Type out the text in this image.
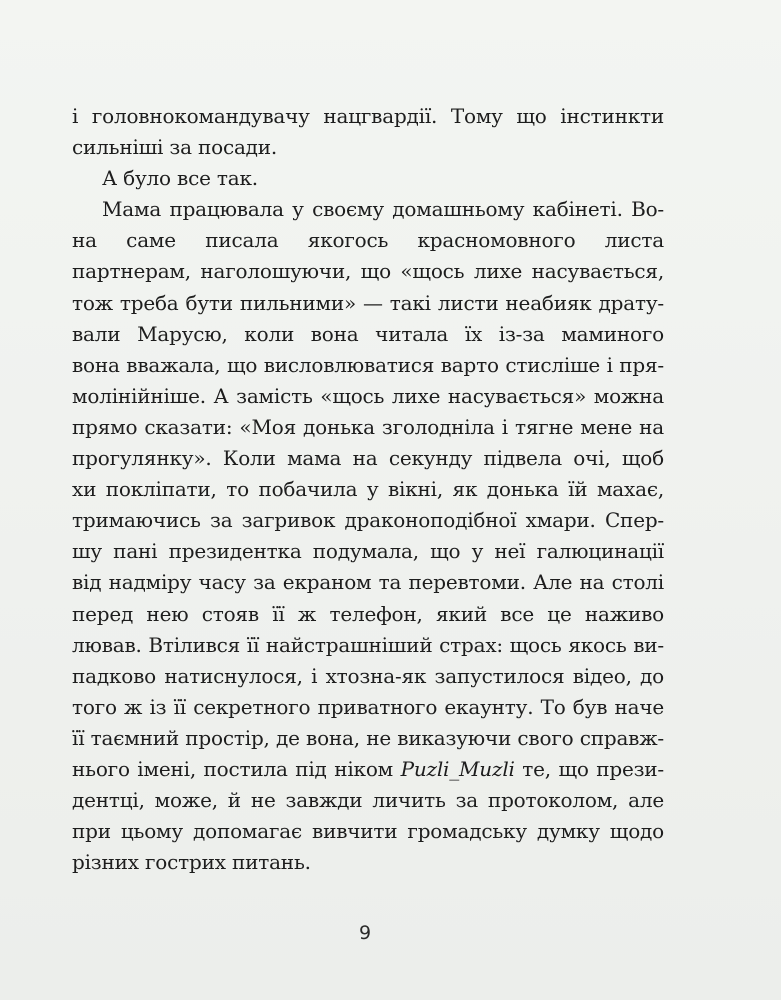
і головнокомандувачу нацгвардії. Тому що інстинкти
сильніші за посади.
А було все так.
Мама працювала у своєму домашньому кабінеті. Во-
на саме писала якогось красномовного листа
партнерам, наголошуючи, що «щось лихе насувається,
тож треба бути пильними» — такі листи неабияк драту-
вали Марусю, коли вона читала їх із-за маминого
вона вважала, що висловлюватися варто стисліше і пря-
молінійніше. А замість «щось лихе насувається» можна
прямо сказати: «Моя донька зголодніла і тягне мене на
прогулянку». Коли мама на секунду підвела очі, щоб
хи покліпати, то побачила у вікні, як донька їй махає,
тримаючись за загривок драконоподібної хмари. Спер-
шу пані президентка подумала, що у неї галюцинації
від надміру часу за екраном та перевтоми. Але на столі
перед нею стояв її ж телефон, який все це наживо
лював. Втілився її найстрашніший страх: щось якось ви-
падково натиснулося, і хтозна-як запустилося відео, до
того ж із її секретного приватного екаунту. То був наче
її таємний простір, де вона, не виказуючи свого справж-
нього імені, постила під ніком Puzli_Muzli те, що прези-
дентці, може, й не завжди личить за протоколом, але
при цьому допомагає вивчити громадську думку щодо
різних гострих питань.
9
